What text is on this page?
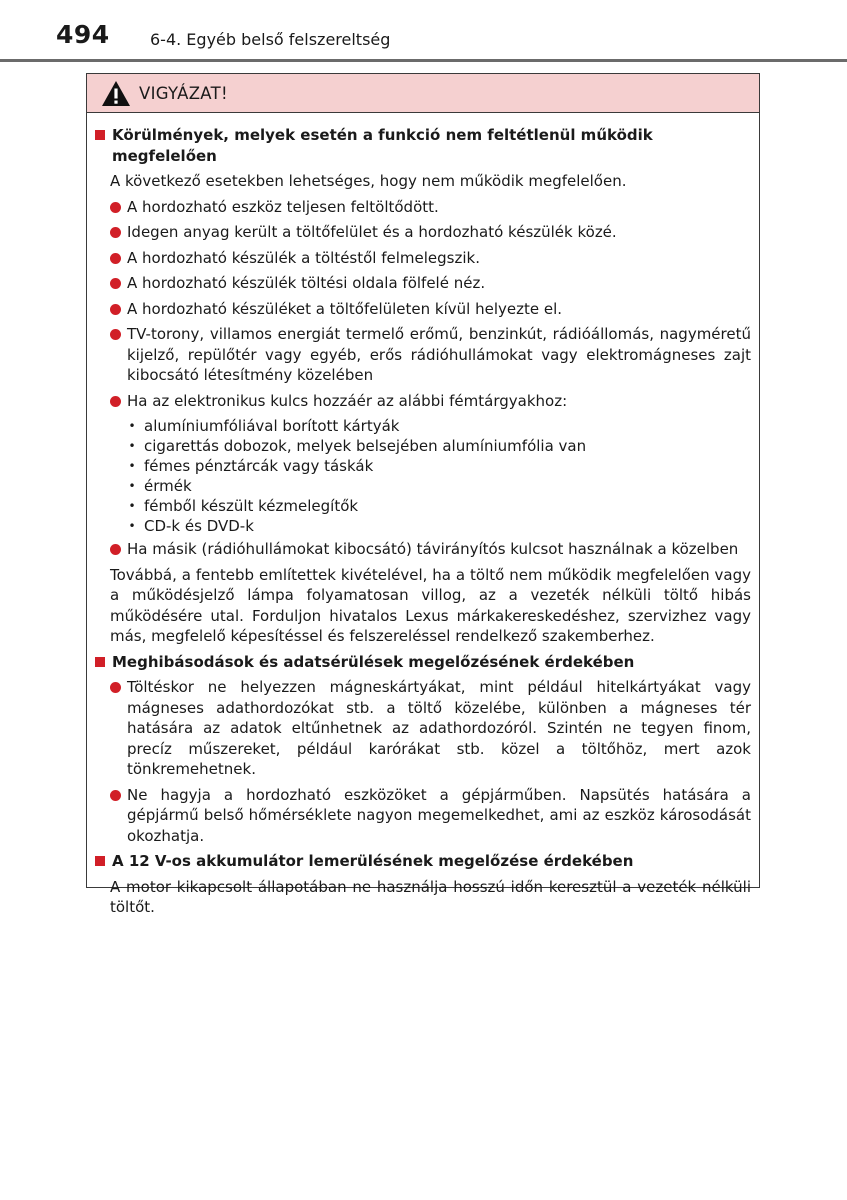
494	6-4. Egyéb belső felszereltség
VIGYÁZAT!
Körülmények, melyek esetén a funkció nem feltétlenül működik megfelelően
A következő esetekben lehetséges, hogy nem működik megfelelően.
A hordozható eszköz teljesen feltöltődött.
Idegen anyag került a töltőfelület és a hordozható készülék közé.
A hordozható készülék a töltéstől felmelegszik.
A hordozható készülék töltési oldala fölfelé néz.
A hordozható készüléket a töltőfelületen kívül helyezte el.
TV-torony, villamos energiát termelő erőmű, benzinkút, rádióállomás, nagyméretű kijelző, repülőtér vagy egyéb, erős rádióhullámokat vagy elektromágneses zajt kibocsátó létesítmény közelében
Ha az elektronikus kulcs hozzáér az alábbi fémtárgyakhoz:
• alumíniumfóliával borított kártyák
• cigarettás dobozok, melyek belsejében alumíniumfólia van
• fémes pénztárcák vagy táskák
• érmék
• fémből készült kézmelegítők
• CD-k és DVD-k
Ha másik (rádióhullámokat kibocsátó) távirányítós kulcsot használnak a közelben
Továbbá, a fentebb említettek kivételével, ha a töltő nem működik megfelelően vagy a működésjelző lámpa folyamatosan villog, az a vezeték nélküli töltő hibás működésére utal. Forduljon hivatalos Lexus márkakereskedéshez, szervizhez vagy más, megfelelő képesítéssel és felszereléssel rendelkező szakemberhez.
Meghibásodások és adatsérülések megelőzésének érdekében
Töltéskor ne helyezzen mágneskártyákat, mint például hitelkártyákat vagy mágneses adathordozókat stb. a töltő közelébe, különben a mágneses tér hatására az adatok eltűnhetnek az adathordozóról. Szintén ne tegyen finom, precíz műszereket, például karórákat stb. közel a töltőhöz, mert azok tönkremehetnek.
Ne hagyja a hordozható eszközöket a gépjárműben. Napsütés hatására a gépjármű belső hőmérséklete nagyon megemelkedhet, ami az eszköz károsodását okozhatja.
A 12 V-os akkumulátor lemerülésének megelőzése érdekében
A motor kikapcsolt állapotában ne használja hosszú időn keresztül a vezeték nélküli töltőt.
